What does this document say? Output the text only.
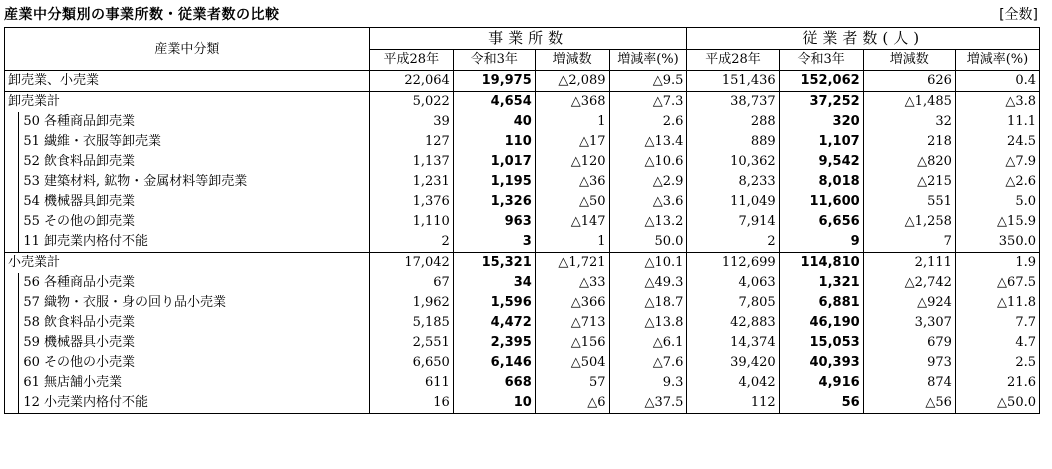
産業中分類別の事業所数・従業者数の比較	[全数]
産業中分類		事業所数				従業者数(人)			
		平成28年	令和3年	増減数	増減率(%)	平成28年	令和3年	増減数	増減率(%)
卸売業、小売業		22,064	19,975	△2,089	△9.5	151,436	152,062	626	0.4
卸売業計		5,022	4,654	△368	△7.3	38,737	37,252	△1,485	△3.8
	50 各種商品卸売業	39	40	1	2.6	288	320	32	11.1
	51 繊維・衣服等卸売業	127	110	△17	△13.4	889	1,107	218	24.5
	52 飲食料品卸売業	1,137	1,017	△120	△10.6	10,362	9,542	△820	△7.9
	53 建築材料, 鉱物・金属材料等卸売業	1,231	1,195	△36	△2.9	8,233	8,018	△215	△2.6
	54 機械器具卸売業	1,376	1,326	△50	△3.6	11,049	11,600	551	5.0
	55 その他の卸売業	1,110	963	△147	△13.2	7,914	6,656	△1,258	△15.9
	11 卸売業内格付不能	2	3	1	50.0	2	9	7	350.0
小売業計		17,042	15,321	△1,721	△10.1	112,699	114,810	2,111	1.9
	56 各種商品小売業	67	34	△33	△49.3	4,063	1,321	△2,742	△67.5
	57 織物・衣服・身の回り品小売業	1,962	1,596	△366	△18.7	7,805	6,881	△924	△11.8
	58 飲食料品小売業	5,185	4,472	△713	△13.8	42,883	46,190	3,307	7.7
	59 機械器具小売業	2,551	2,395	△156	△6.1	14,374	15,053	679	4.7
	60 その他の小売業	6,650	6,146	△504	△7.6	39,420	40,393	973	2.5
	61 無店舗小売業	611	668	57	9.3	4,042	4,916	874	21.6
	12 小売業内格付不能	16	10	△6	△37.5	112	56	△56	△50.0
